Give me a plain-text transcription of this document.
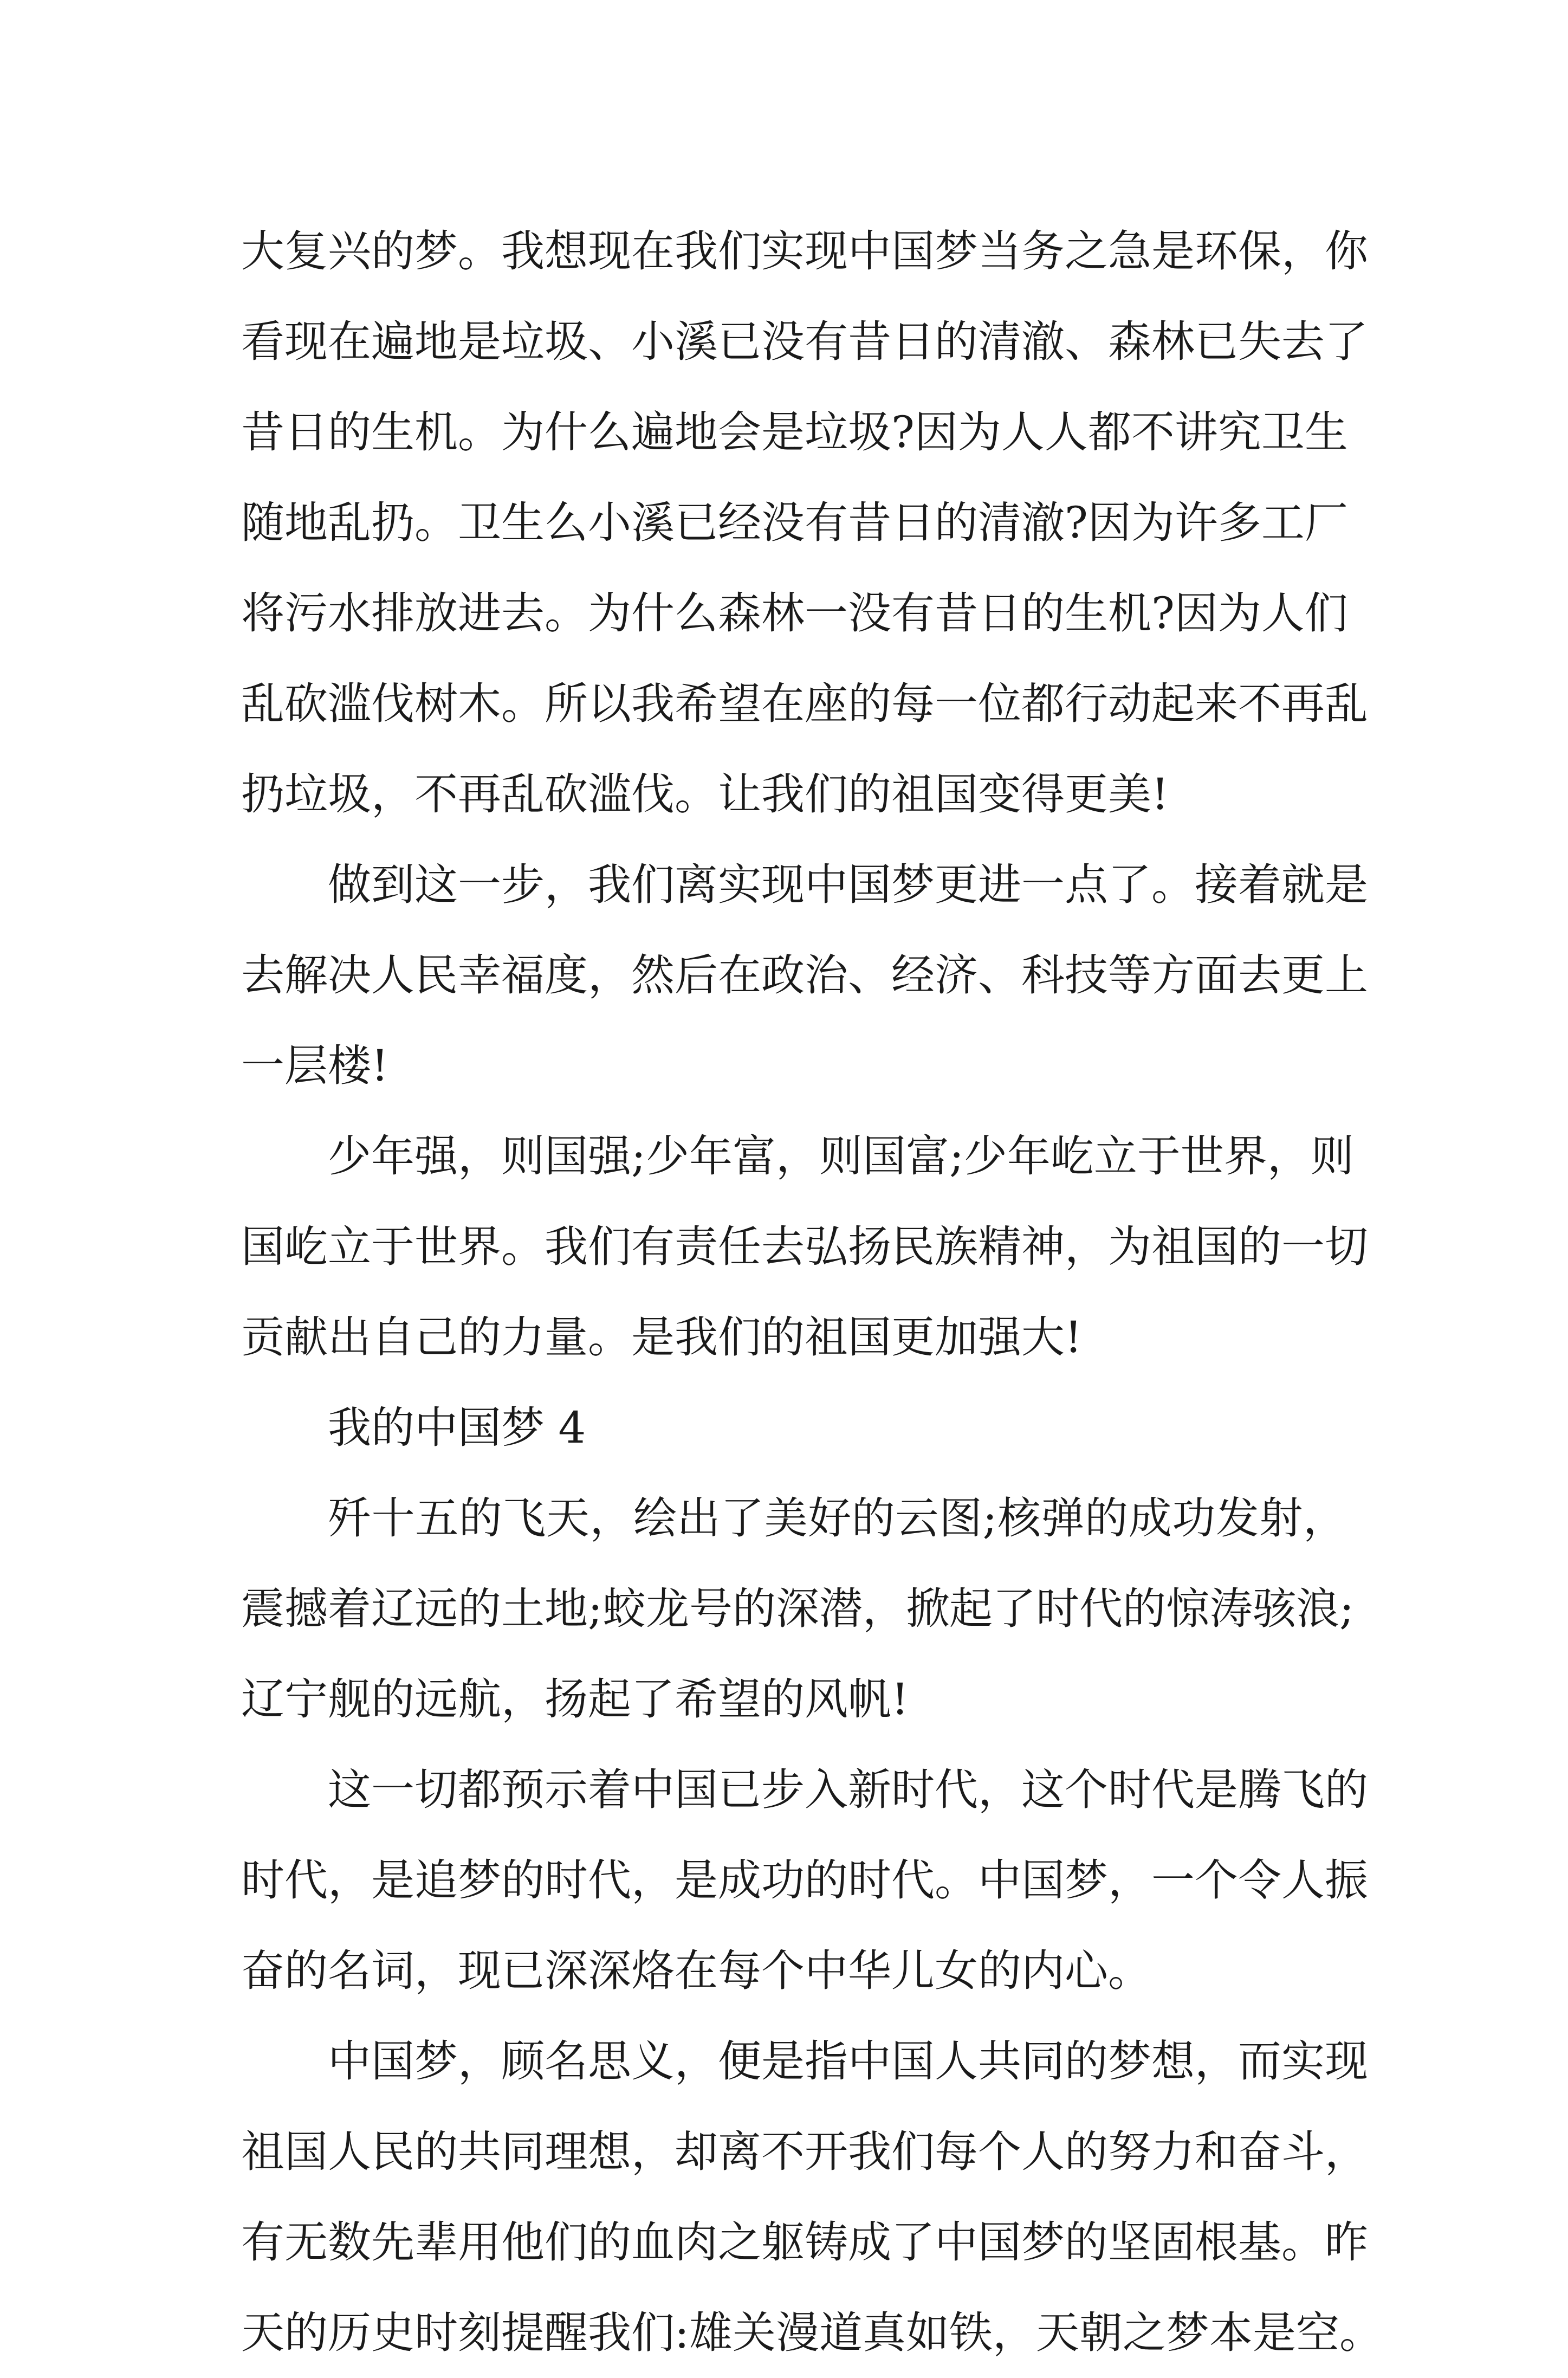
大复兴的梦。我想现在我们实现中国梦当务之急是环保，你
看现在遍地是垃圾、小溪已没有昔日的清澈、森林已失去了
昔日的生机。为什么遍地会是垃圾?因为人人都不讲究卫生
随地乱扔。卫生么小溪已经没有昔日的清澈?因为许多工厂
将污水排放进去。为什么森林一没有昔日的生机?因为人们
乱砍滥伐树木。所以我希望在座的每一位都行动起来不再乱
扔垃圾，不再乱砍滥伐。让我们的祖国变得更美!
做到这一步，我们离实现中国梦更进一点了。接着就是
去解决人民幸福度，然后在政治、经济、科技等方面去更上
一层楼!
少年强，则国强;少年富，则国富;少年屹立于世界，则
国屹立于世界。我们有责任去弘扬民族精神，为祖国的一切
贡献出自己的力量。是我们的祖国更加强大!
我的中国梦 4
歼十五的飞天，绘出了美好的云图;核弹的成功发射，
震撼着辽远的土地;蛟龙号的深潜，掀起了时代的惊涛骇浪;
辽宁舰的远航，扬起了希望的风帆!
这一切都预示着中国已步入新时代，这个时代是腾飞的
时代，是追梦的时代，是成功的时代。中国梦，一个令人振
奋的名词，现已深深烙在每个中华儿女的内心。
中国梦，顾名思义，便是指中国人共同的梦想，而实现
祖国人民的共同理想，却离不开我们每个人的努力和奋斗，
有无数先辈用他们的血肉之躯铸成了中国梦的坚固根基。昨
天的历史时刻提醒我们:雄关漫道真如铁，天朝之梦本是空。
